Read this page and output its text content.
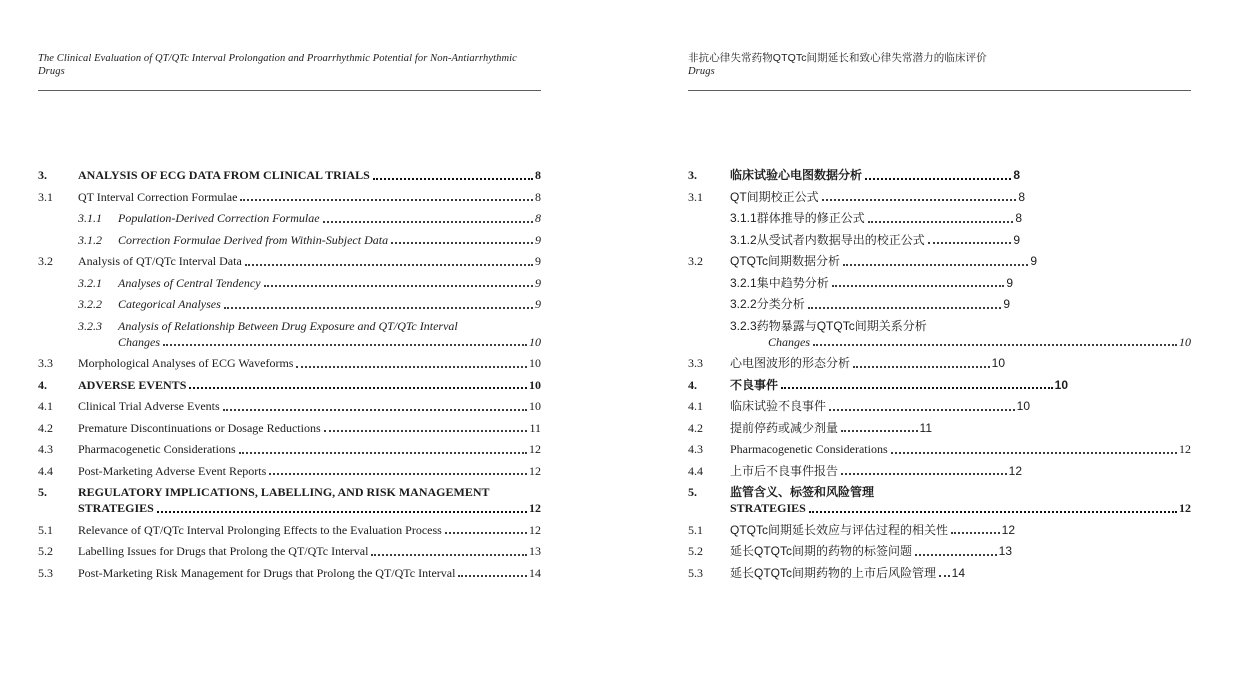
The Clinical Evaluation of QT/QTc Interval Prolongation and Proarrhythmic Potential for Non-Antiarrhythmic
Drugs
3.	ANALYSIS OF ECG DATA FROM CLINICAL TRIALS	8
3.1	QT Interval Correction Formulae	8
3.1.1	Population-Derived Correction Formulae	8
3.1.2	Correction Formulae Derived from Within-Subject Data	9
3.2	Analysis of QT/QTc Interval Data	9
3.2.1	Analyses of Central Tendency	9
3.2.2	Categorical Analyses	9
3.2.3	Analysis of Relationship Between Drug Exposure and QT/QTc Interval
Changes	10
3.3	Morphological Analyses of ECG Waveforms	10
4.	ADVERSE EVENTS	10
4.1	Clinical Trial Adverse Events	10
4.2	Premature Discontinuations or Dosage Reductions	11
4.3	Pharmacogenetic Considerations	12
4.4	Post-Marketing Adverse Event Reports	12
5.	REGULATORY IMPLICATIONS, LABELLING, AND RISK MANAGEMENT
STRATEGIES	12
5.1	Relevance of QT/QTc Interval Prolonging Effects to the Evaluation Process	12
5.2	Labelling Issues for Drugs that Prolong the QT/QTc Interval	13
5.3	Post-Marketing Risk Management for Drugs that Prolong the QT/QTc Interval	14
非抗心律失常药物QTQTc间期延长和致心律失常潜力的临床评价
Drugs
3.	临床试验心电图数据分析	8
3.1	QT间期校正公式	8
3.1.1群体推导的修正公式	8
3.1.2从受试者内数据导出的校正公式	9
3.2	QTQTc间期数据分析	9
3.2.1集中趋势分析	9
3.2.2分类分析	9
3.2.3药物暴露与QTQTc间期关系分析
Changes	10
3.3	心电图波形的形态分析	10
4.	不良事件	10
4.1	临床试验不良事件	10
4.2	提前停药或减少剂量	11
4.3	Pharmacogenetic Considerations	12
4.4	上市后不良事件报告	12
5.	监管含义、标签和风险管理
STRATEGIES	12
5.1	QTQTc间期延长效应与评估过程的相关性	12
5.2	延长QTQTc间期的药物的标签问题	13
5.3	延长QTQTc间期药物的上市后风险管理 14
